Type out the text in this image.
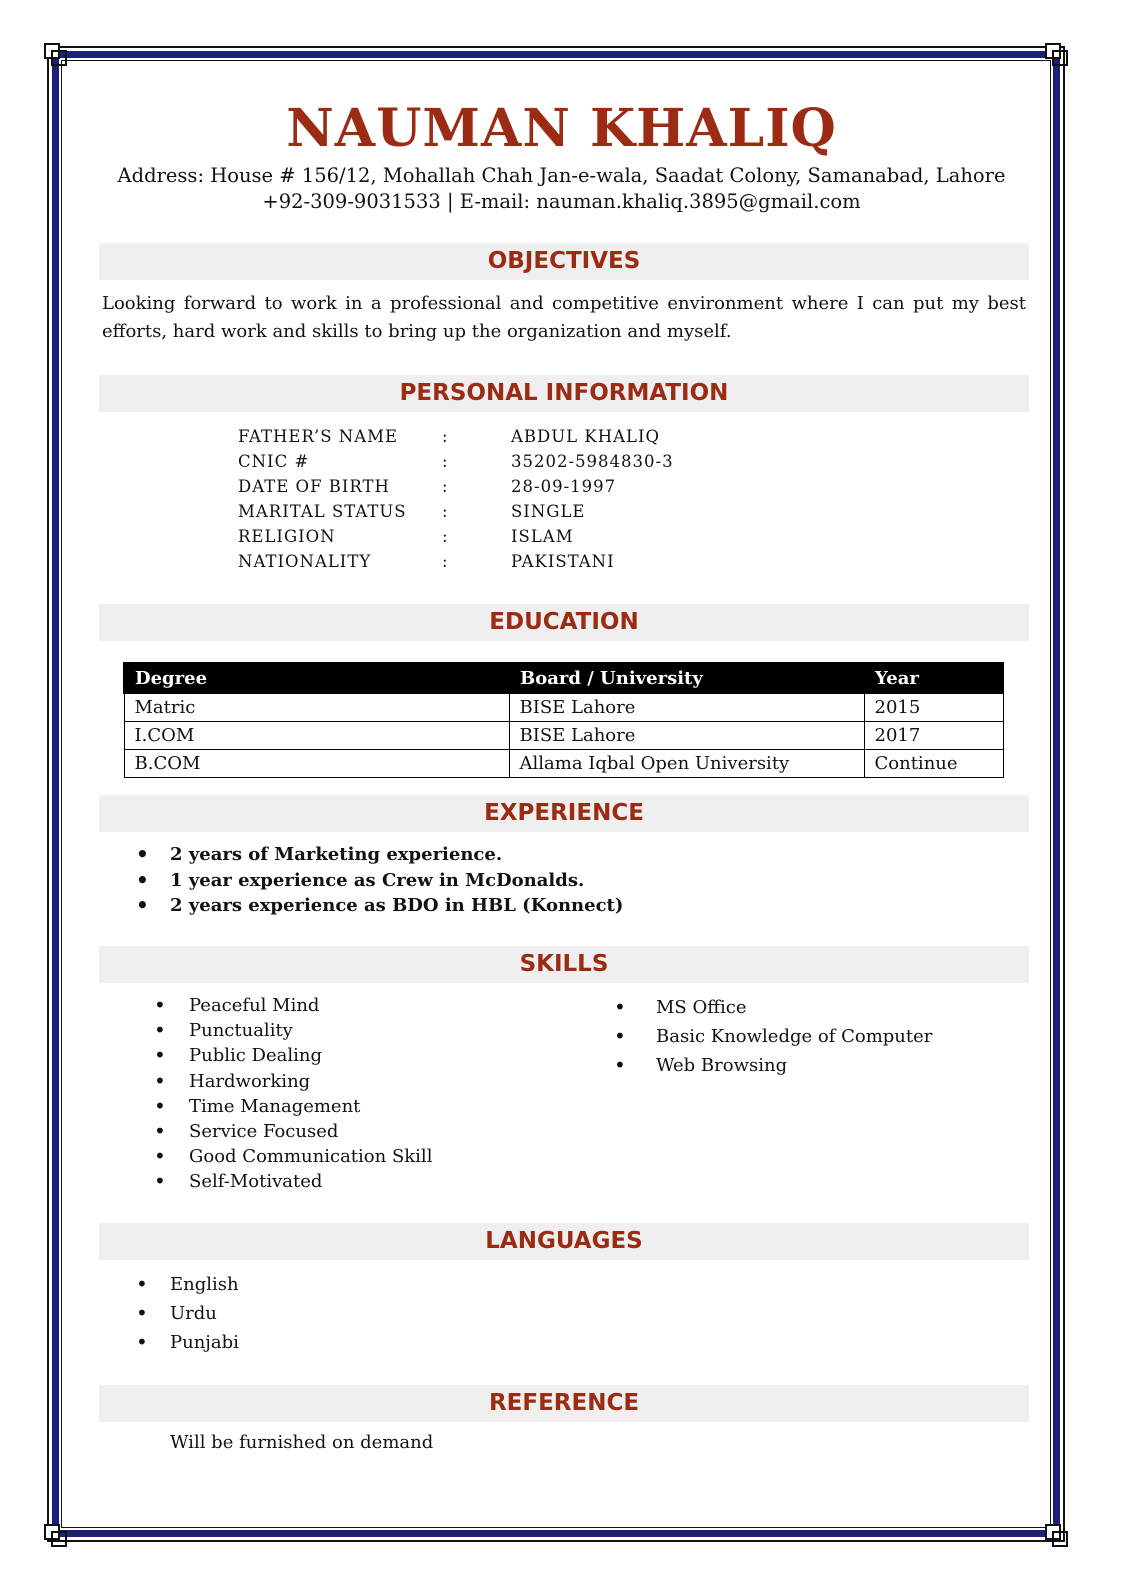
NAUMAN KHALIQ
Address: House # 156/12, Mohallah Chah Jan-e-wala, Saadat Colony, Samanabad, Lahore
+92-309-9031533 | E-mail: nauman.khaliq.3895@gmail.com
OBJECTIVES
Looking forward to work in a professional and competitive environment where I can put my best efforts, hard work and skills to bring up the organization and myself.
PERSONAL INFORMATION
FATHER’S NAME	:	ABDUL KHALIQ
CNIC #	:	35202-5984830-3
DATE OF BIRTH	:	28-09-1997
MARITAL STATUS :	SINGLE
RELIGION	:	ISLAM
NATIONALITY	:	PAKISTANI
EDUCATION
Degree	Board / University	Year
Matric	BISE Lahore	2015
I.COM	BISE Lahore	2017
B.COM	Allama Iqbal Open University	Continue
EXPERIENCE
• 2 years of Marketing experience.
• 1 year experience as Crew in McDonalds.
• 2 years experience as BDO in HBL (Konnect)
SKILLS
• Peaceful Mind
• Punctuality
• Public Dealing
• Hardworking
• Time Management
• Service Focused
• Good Communication Skill
• Self-Motivated
• MS Office
• Basic Knowledge of Computer
• Web Browsing
LANGUAGES
• English
• Urdu
• Punjabi
REFERENCE
Will be furnished on demand
